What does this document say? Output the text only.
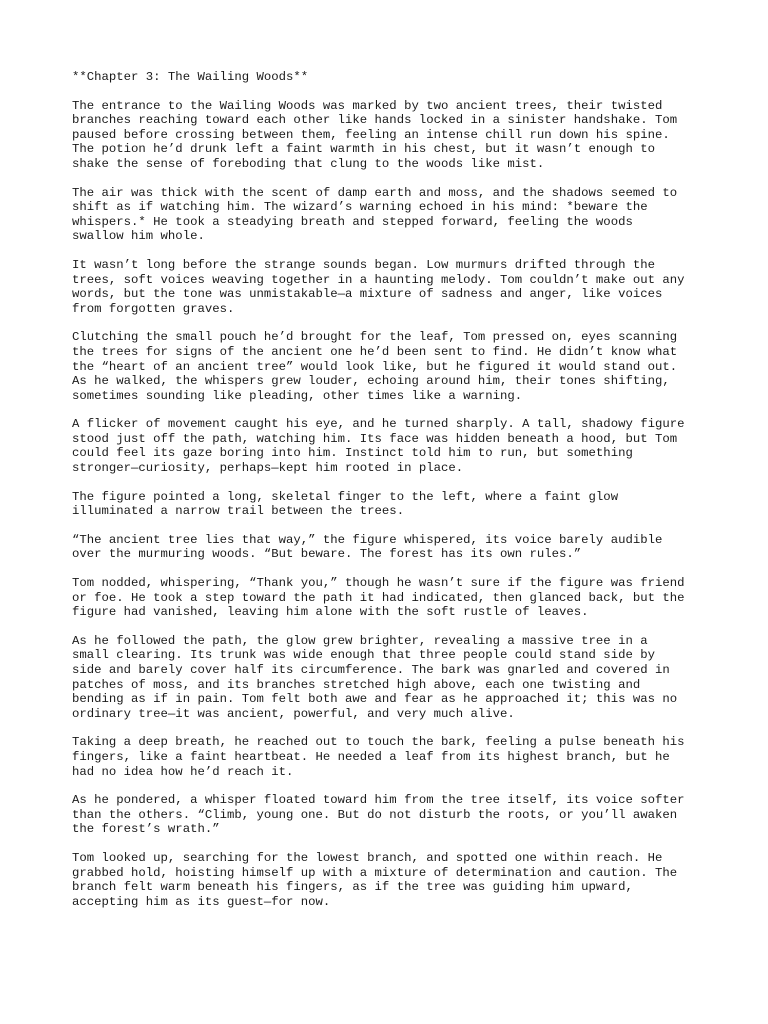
**Chapter 3: The Wailing Woods**
The entrance to the Wailing Woods was marked by two ancient trees, their twisted
branches reaching toward each other like hands locked in a sinister handshake. Tom
paused before crossing between them, feeling an intense chill run down his spine.
The potion he’d drunk left a faint warmth in his chest, but it wasn’t enough to
shake the sense of foreboding that clung to the woods like mist.
The air was thick with the scent of damp earth and moss, and the shadows seemed to
shift as if watching him. The wizard’s warning echoed in his mind: *beware the
whispers.* He took a steadying breath and stepped forward, feeling the woods
swallow him whole.
It wasn’t long before the strange sounds began. Low murmurs drifted through the
trees, soft voices weaving together in a haunting melody. Tom couldn’t make out any
words, but the tone was unmistakable—a mixture of sadness and anger, like voices
from forgotten graves.
Clutching the small pouch he’d brought for the leaf, Tom pressed on, eyes scanning
the trees for signs of the ancient one he’d been sent to find. He didn’t know what
the “heart of an ancient tree” would look like, but he figured it would stand out.
As he walked, the whispers grew louder, echoing around him, their tones shifting,
sometimes sounding like pleading, other times like a warning.
A flicker of movement caught his eye, and he turned sharply. A tall, shadowy figure
stood just off the path, watching him. Its face was hidden beneath a hood, but Tom
could feel its gaze boring into him. Instinct told him to run, but something
stronger—curiosity, perhaps—kept him rooted in place.
The figure pointed a long, skeletal finger to the left, where a faint glow
illuminated a narrow trail between the trees.
“The ancient tree lies that way,” the figure whispered, its voice barely audible
over the murmuring woods. “But beware. The forest has its own rules.”
Tom nodded, whispering, “Thank you,” though he wasn’t sure if the figure was friend
or foe. He took a step toward the path it had indicated, then glanced back, but the
figure had vanished, leaving him alone with the soft rustle of leaves.
As he followed the path, the glow grew brighter, revealing a massive tree in a
small clearing. Its trunk was wide enough that three people could stand side by
side and barely cover half its circumference. The bark was gnarled and covered in
patches of moss, and its branches stretched high above, each one twisting and
bending as if in pain. Tom felt both awe and fear as he approached it; this was no
ordinary tree—it was ancient, powerful, and very much alive.
Taking a deep breath, he reached out to touch the bark, feeling a pulse beneath his
fingers, like a faint heartbeat. He needed a leaf from its highest branch, but he
had no idea how he’d reach it.
As he pondered, a whisper floated toward him from the tree itself, its voice softer
than the others. “Climb, young one. But do not disturb the roots, or you’ll awaken
the forest’s wrath.”
Tom looked up, searching for the lowest branch, and spotted one within reach. He
grabbed hold, hoisting himself up with a mixture of determination and caution. The
branch felt warm beneath his fingers, as if the tree was guiding him upward,
accepting him as its guest—for now.
